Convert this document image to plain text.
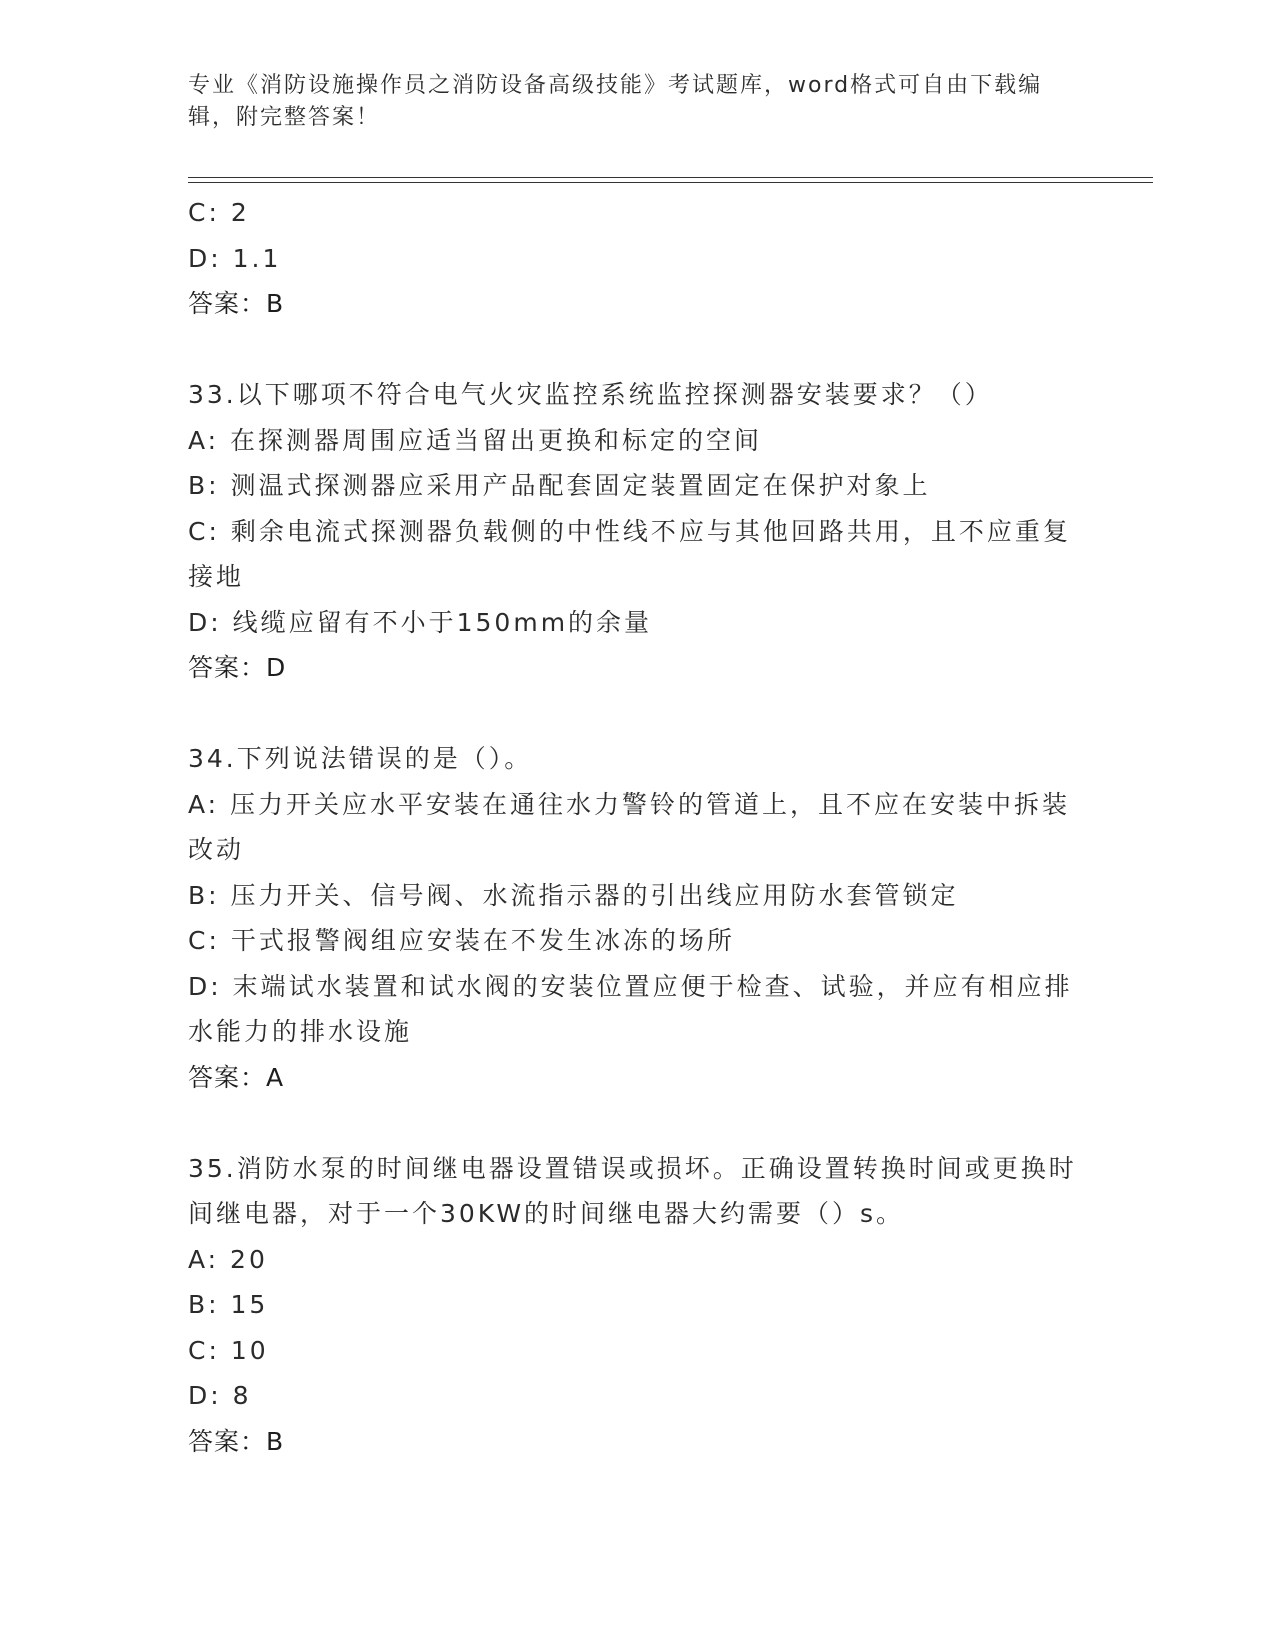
专业《消防设施操作员之消防设备高级技能》考试题库，word格式可自由下载编辑，附完整答案！

C: 2

D: 1.1

答案：B

33.以下哪项不符合电气火灾监控系统监控探测器安装要求？（）

A: 在探测器周围应适当留出更换和标定的空间

B: 测温式探测器应采用产品配套固定装置固定在保护对象上

C: 剩余电流式探测器负载侧的中性线不应与其他回路共用，且不应重复接地

D: 线缆应留有不小于150mm的余量

答案：D

34.下列说法错误的是（）。

A: 压力开关应水平安装在通往水力警铃的管道上，且不应在安装中拆装改动

B: 压力开关、信号阀、水流指示器的引出线应用防水套管锁定

C: 干式报警阀组应安装在不发生冰冻的场所

D: 末端试水装置和试水阀的安装位置应便于检查、试验，并应有相应排水能力的排水设施

答案：A

35.消防水泵的时间继电器设置错误或损坏。正确设置转换时间或更换时间继电器，对于一个30KW的时间继电器大约需要（）s。

A: 20

B: 15

C: 10

D: 8

答案：B
